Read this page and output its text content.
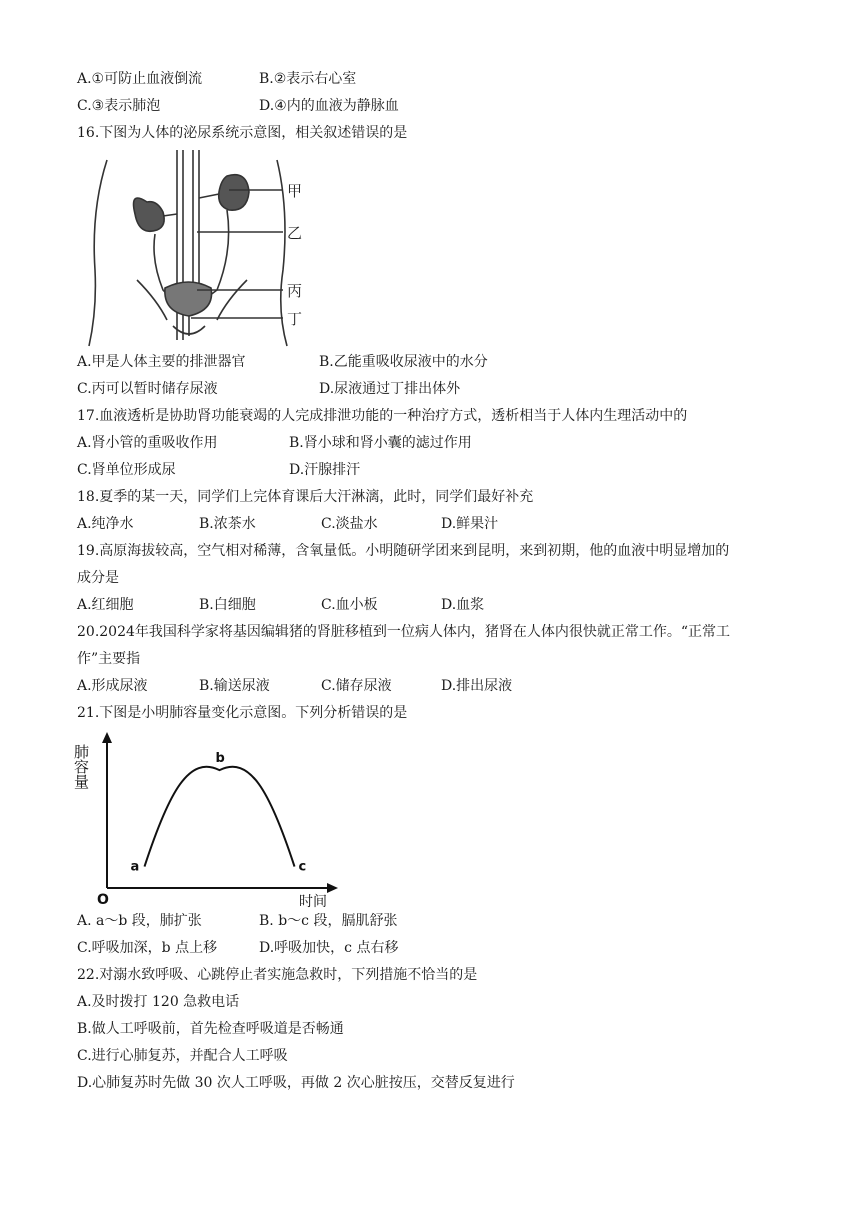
A.①可防止血液倒流	B.②表示右心室
C.③表示肺泡	D.④内的血液为静脉血
16.下图为人体的泌尿系统示意图，相关叙述错误的是
甲
乙
丙
丁
A.甲是人体主要的排泄器官	B.乙能重吸收尿液中的水分
C.丙可以暂时储存尿液	D.尿液通过丁排出体外
17.血液透析是协助肾功能衰竭的人完成排泄功能的一种治疗方式，透析相当于人体内生理活动中的
A.肾小管的重吸收作用	B.肾小球和肾小囊的滤过作用
C.肾单位形成尿	D.汗腺排汗
18.夏季的某一天，同学们上完体育课后大汗淋漓，此时，同学们最好补充
A.纯净水	B.浓茶水	C.淡盐水	D.鲜果汁
19.高原海拔较高，空气相对稀薄，含氧量低。小明随研学团来到昆明，来到初期，他的血液中明显增加的
成分是
A.红细胞	B.白细胞	C.血小板	D.血浆
20.2024年我国科学家将基因编辑猪的肾脏移植到一位病人体内，猪肾在人体内很快就正常工作。“正常工
作”主要指
A.形成尿液	B.输送尿液	C.储存尿液	D.排出尿液
21.下图是小明肺容量变化示意图。下列分析错误的是
肺容量
时间
O
a
b
c
A. a～b 段，肺扩张	B. b～c 段，膈肌舒张
C.呼吸加深，b 点上移	D.呼吸加快，c 点右移
22.对溺水致呼吸、心跳停止者实施急救时，下列措施不恰当的是
A.及时拨打 120 急救电话
B.做人工呼吸前，首先检查呼吸道是否畅通
C.进行心肺复苏，并配合人工呼吸
D.心肺复苏时先做 30 次人工呼吸，再做 2 次心脏按压，交替反复进行
